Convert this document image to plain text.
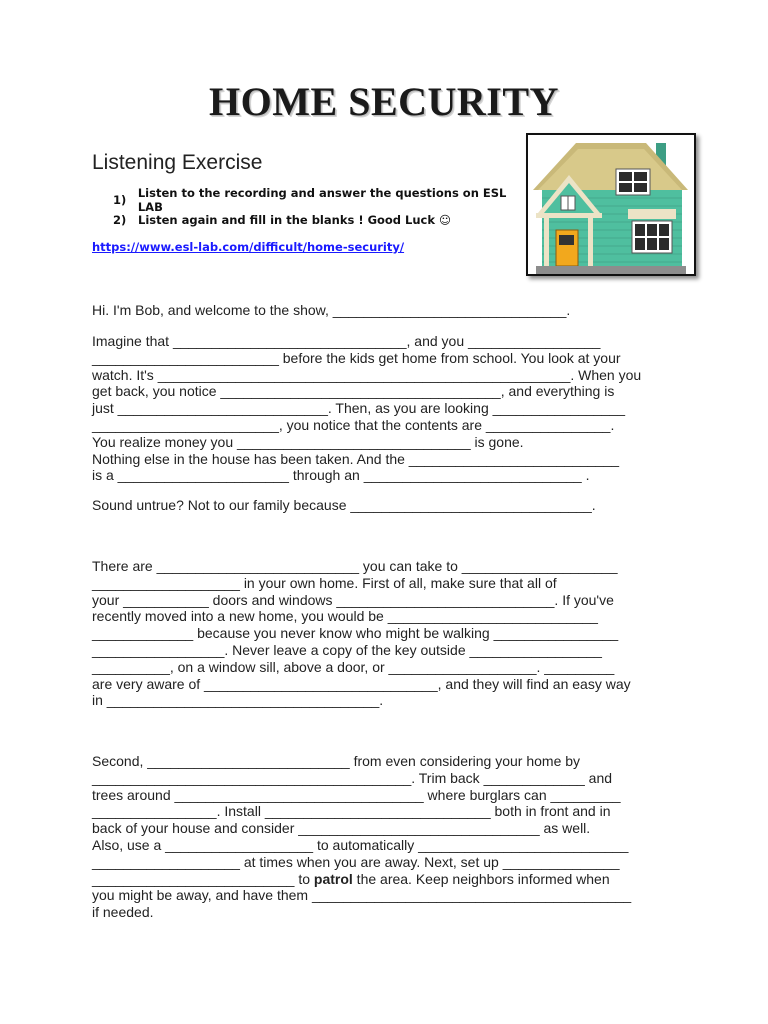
HOME SECURITY
Listening Exercise
1)	Listen to the recording and answer the questions on ESL LAB
2)	Listen again and fill in the blanks ! Good Luck ☺
https://www.esl-lab.com/difficult/home-security/
Hi. I'm Bob, and welcome to the show, ______________________________.
Imagine that ______________________________, and you _________________
________________________ before the kids get home from school. You look at your
watch. It's _____________________________________________________. When you
get back, you notice ____________________________________, and everything is
just ___________________________. Then, as you are looking _________________
________________________, you notice that the contents are ________________.
You realize money you ______________________________ is gone.
Nothing else in the house has been taken. And the ___________________________
is a ______________________ through an ____________________________ .
Sound untrue? Not to our family because _______________________________.
There are __________________________ you can take to ____________________
___________________ in your own home. First of all, make sure that all of
your ___________ doors and windows ____________________________. If you've
recently moved into a new home, you would be ___________________________
_____________ because you never know who might be walking ________________
_________________. Never leave a copy of the key outside _________________
__________, on a window sill, above a door, or ___________________. _________
are very aware of ______________________________, and they will find an easy way
in ___________________________________.
Second, __________________________ from even considering your home by
_________________________________________. Trim back _____________ and
trees around ________________________________ where burglars can _________
________________. Install _____________________________ both in front and in
back of your house and consider _______________________________ as well.
Also, use a ___________________ to automatically ___________________________
___________________ at times when you are away. Next, set up _______________
__________________________ to patrol the area. Keep neighbors informed when
you might be away, and have them _________________________________________
if needed.
